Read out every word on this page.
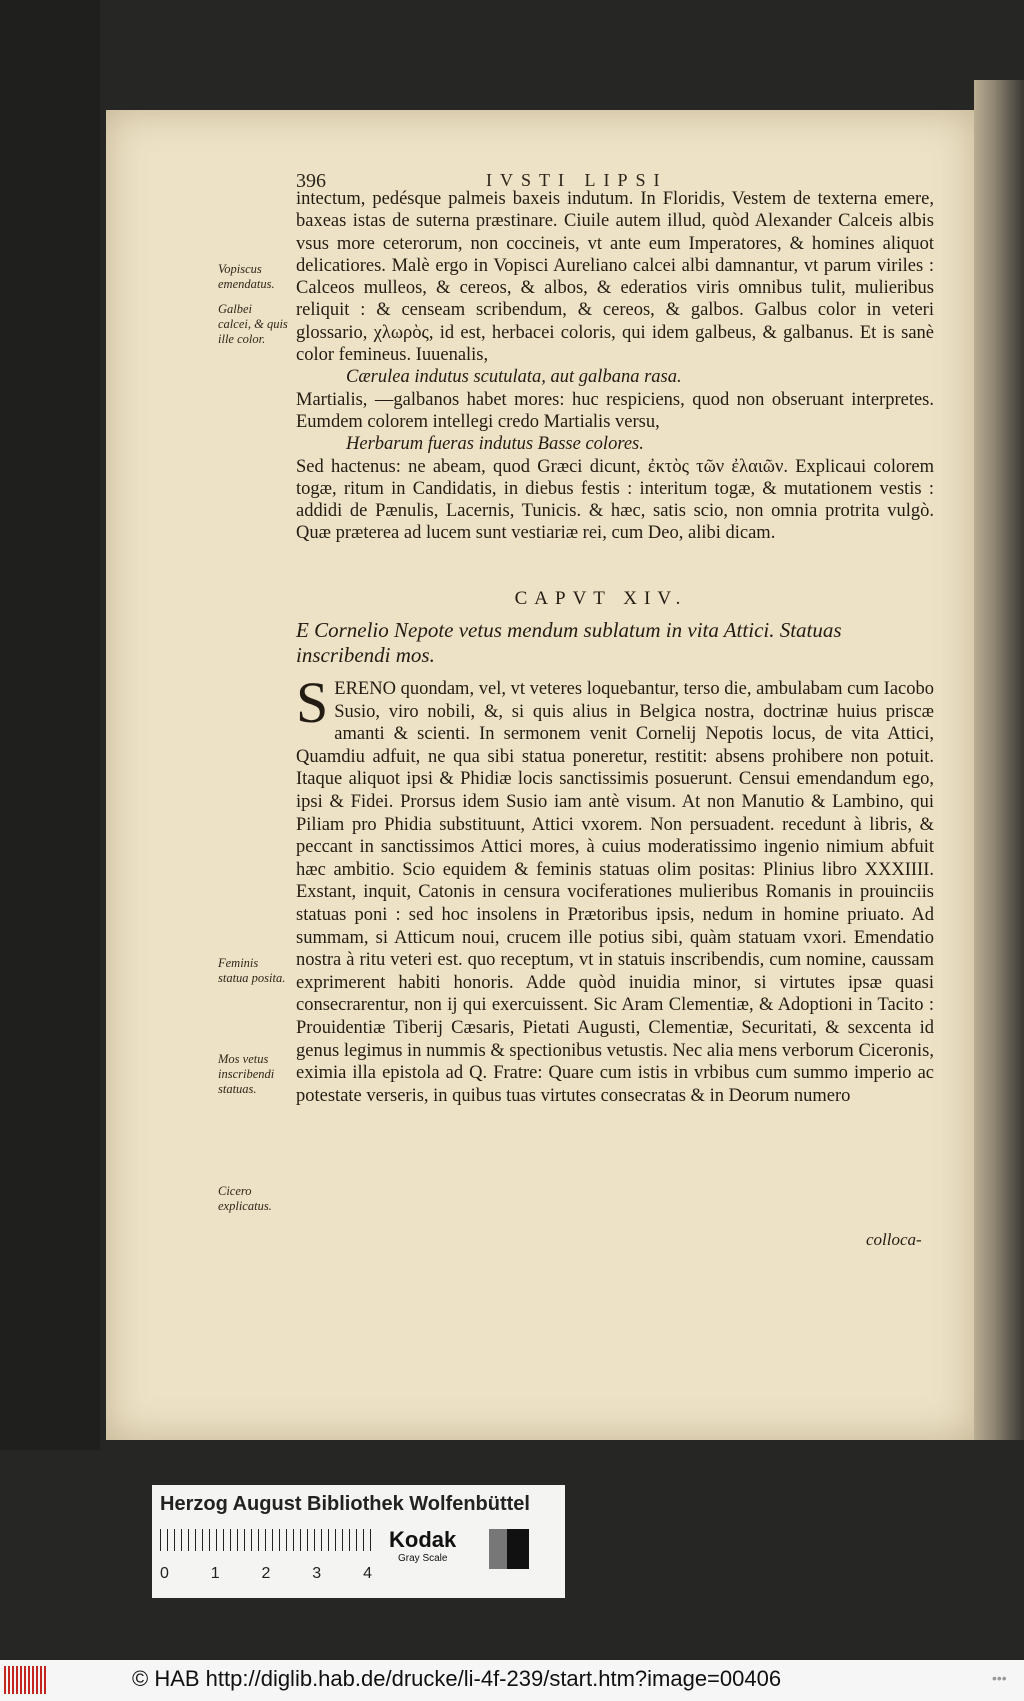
396	IVSTI LIPSI

intectum, pedésque palmeis baxeis indutum. In Floridis, Vestem de texterna emere, baxeas istas de suterna præstinare. Ciuile autem illud, quòd Alexander Calceis albis vsus more ceterorum, non coccineis, vt ante eum Imperatores, & homines aliquot delicatiores. Malè ergo in Vopisci Aureliano calcei albi damnantur, vt parum viriles : Calceos mulleos, & cereos, & albos, & ederatios viris omnibus tulit, mulieribus reliquit : & censeam scribendum, & cereos, & galbos. Galbus color in veteri glossario, χλωρὸς, id est, herbacei coloris, qui idem galbeus, & galbanus. Et is sanè color femineus. Iuuenalis,

Cærulea indutus scutulata, aut galbana rasa.

Martialis, —galbanos habet mores: huc respiciens, quod non obseruant interpretes. Eumdem colorem intellegi credo Martialis versu,

Herbarum fueras indutus Basse colores.

Sed hactenus: ne abeam, quod Græci dicunt, ἐκτὸς τῶν ἐλαιῶν. Explicaui colorem togæ, ritum in Candidatis, in diebus festis : interitum togæ, & mutationem vestis : addidi de Pænulis, Lacernis, Tunicis. & hæc, satis scio, non omnia protrita vulgò. Quæ præterea ad lucem sunt vestiariæ rei, cum Deo, alibi dicam.

CAPVT XIV.
E Cornelio Nepote vetus mendum sublatum in vita Attici. Statuas inscribendi mos.
SERENO quondam, vel, vt veteres loquebantur, terso die, ambulabam cum Iacobo Susio, viro nobili, &, si quis alius in Belgica nostra, doctrinæ huius priscæ amanti & scienti. In sermonem venit Cornelij Nepotis locus, de vita Attici, Quamdiu adfuit, ne qua sibi statua poneretur, restitit: absens prohibere non potuit. Itaque aliquot ipsi & Phidiæ locis sanctissimis posuerunt. Censui emendandum ego, ipsi & Fidei. Prorsus idem Susio iam antè visum. At non Manutio & Lambino, qui Piliam pro Phidia substituunt, Attici vxorem. Non persuadent. recedunt à libris, & peccant in sanctissimos Attici mores, à cuius moderatissimo ingenio nimium abfuit hæc ambitio. Scio equidem & feminis statuas olim positas: Plinius libro XXXIIII. Exstant, inquit, Catonis in censura vociferationes mulieribus Romanis in prouinciis statuas poni : sed hoc insolens in Prætoribus ipsis, nedum in homine priuato. Ad summam, si Atticum noui, crucem ille potius sibi, quàm statuam vxori. Emendatio nostra à ritu veteri est. quo receptum, vt in statuis inscribendis, cum nomine, caussam exprimerent habiti honoris. Adde quòd inuidia minor, si virtutes ipsæ quasi consecrarentur, non ij qui exercuissent. Sic Aram Clementiæ, & Adoptioni in Tacito : Prouidentiæ Tiberij Cæsaris, Pietati Augusti, Clementiæ, Securitati, & sexcenta id genus legimus in nummis & spectionibus vetustis. Nec alia mens verborum Ciceronis, eximia illa epistola ad Q. Fratre: Quare cum istis in vrbibus cum summo imperio ac potestate verseris, in quibus tuas virtutes consecratas & in Deorum numero
colloca-
Vopiscus emendatus.
Galbei calcei, & quis ille color.
Feminis statua posita.
Mos vetus inscribendi statuas.
Cicero explicatus.
Herzog August Bibliothek Wolfenbüttel
0	1	2	3	4
Kodak
Gray Scale
© HAB http://diglib.hab.de/drucke/li-4f-239/start.htm?image=00406	•••
